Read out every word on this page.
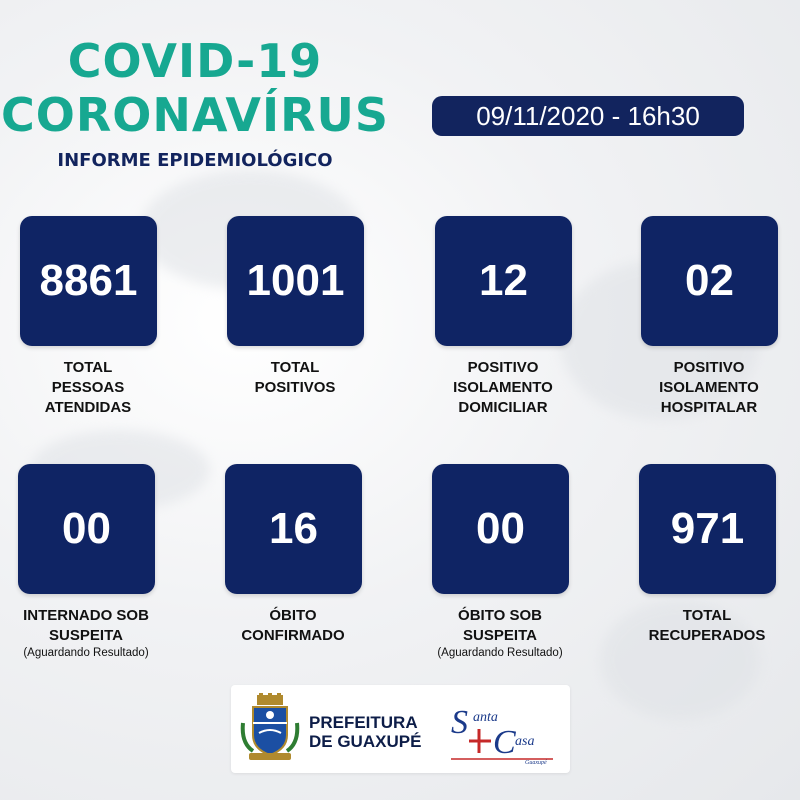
COVID-19
CORONAVÍRUS
INFORME EPIDEMIOLÓGICO
09/11/2020 - 16h30
8861
TOTAL
PESSOAS
ATENDIDAS
1001
TOTAL
POSITIVOS
12
POSITIVO
ISOLAMENTO
DOMICILIAR
02
POSITIVO
ISOLAMENTO
HOSPITALAR
00
INTERNADO SOB
SUSPEITA
(Aguardando Resultado)
16
ÓBITO
CONFIRMADO
00
ÓBITO SOB
SUSPEITA
(Aguardando Resultado)
971
TOTAL
RECUPERADOS
PREFEITURA
DE GUAXUPÉ
S anta
C asa
Guaxupé
